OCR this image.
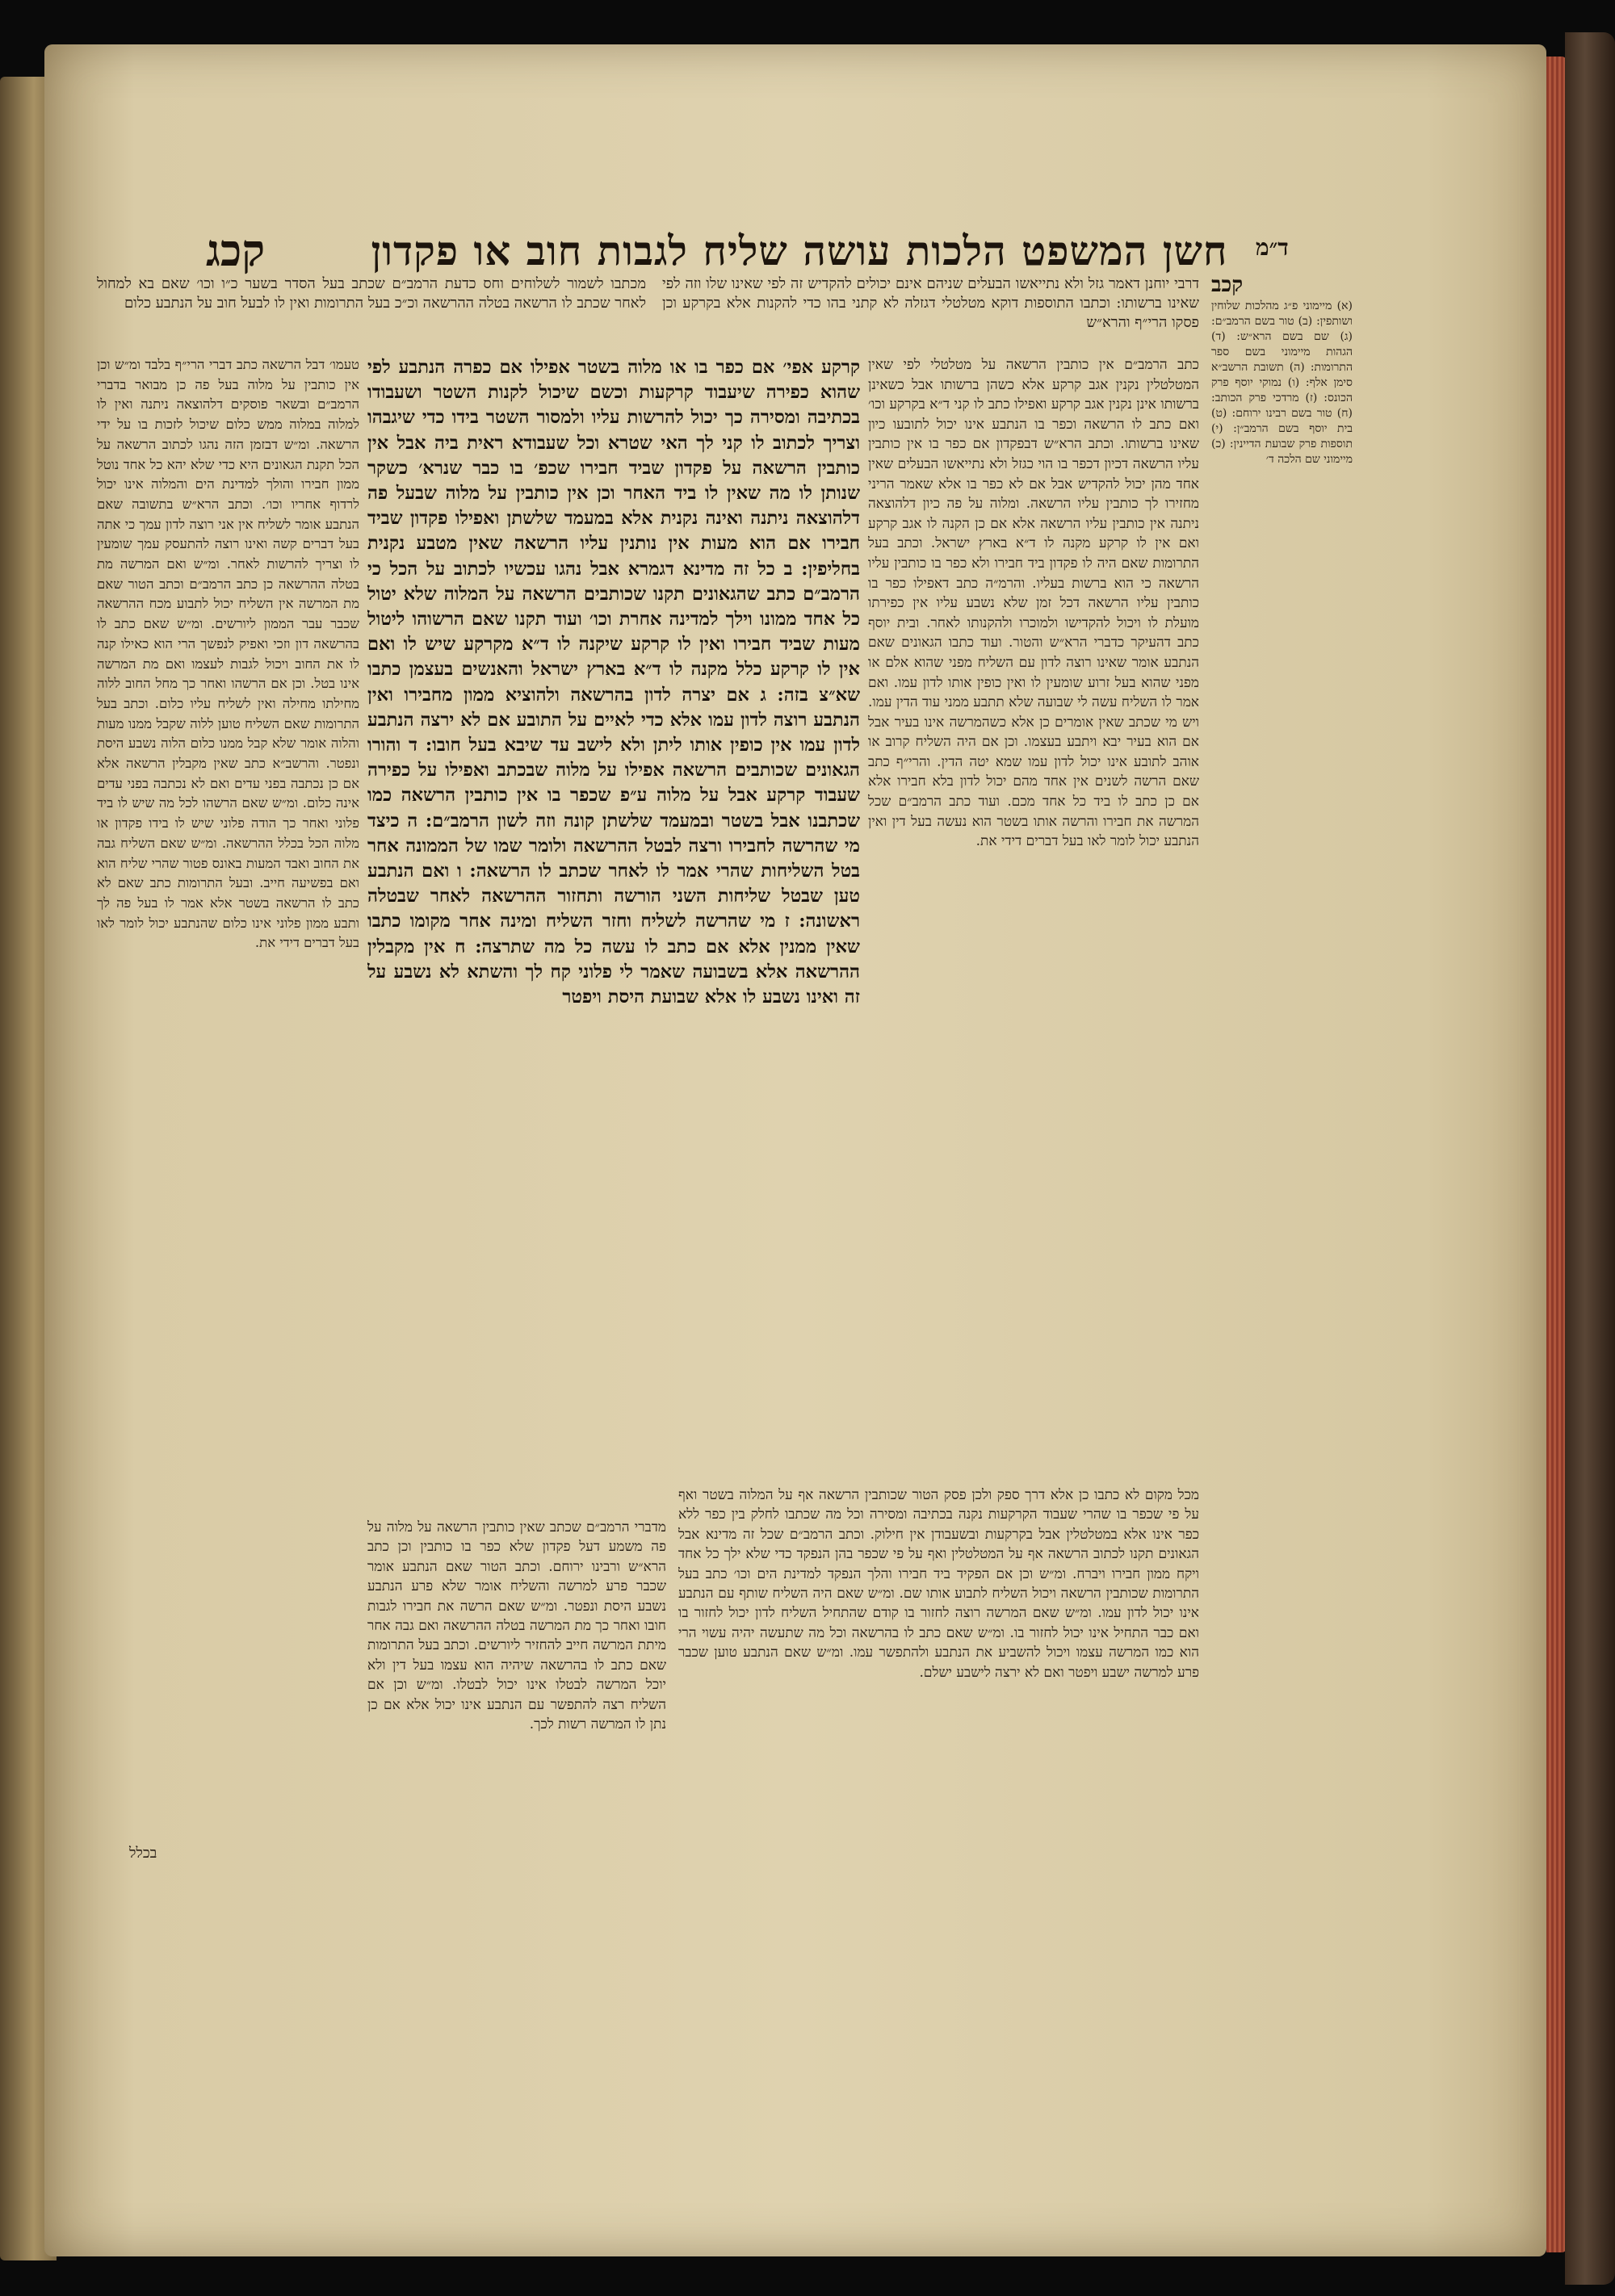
חשן המשפט הלכות עושה שליח לגבות חוב או פקדון
קכג	ד״מ
קכב

(א) מיימוני פ״ג מהלכות שלוחין ושותפין: (ב) טור בשם הרמב״ם: (ג) שם בשם הרא״ש: (ד) הגהות מיימוני בשם ספר התרומות: (ה) תשובת הרשב״א סימן אלף: (ו) נמוקי יוסף פרק הכונס: (ז) מרדכי פרק הכותב: (ח) טור בשם רבינו ירוחם: (ט) בית יוסף בשם הרמב״ן: (י) תוספות פרק שבועת הדיינין: (כ) מיימוני שם הלכה ד׳

דרבי יוחנן דאמר גזל ולא נתייאשו הבעלים שניהם אינם יכולים להקדיש זה לפי שאינו שלו וזה לפי שאינו ברשותו: וכתבו התוספות דוקא מטלטלי דגזלה לא קתני בהו כדי להקנות אלא בקרקע וכן פסקו הרי״ף והרא״ש

כתב הרמב״ם אין כותבין הרשאה על מטלטלי לפי שאין המטלטלין נקנין אגב קרקע אלא כשהן ברשותו אבל כשאינן ברשותו אינן נקנין אגב קרקע ואפילו כתב לו קני ד״א בקרקע וכו׳ ואם כתב לו הרשאה וכפר בו הנתבע אינו יכול לתובעו כיון שאינו ברשותו. וכתב הרא״ש דבפקדון אם כפר בו אין כותבין עליו הרשאה דכיון דכפר בו הוי כגזל ולא נתייאשו הבעלים שאין אחד מהן יכול להקדיש אבל אם לא כפר בו אלא שאמר הריני מחזירו לך כותבין עליו הרשאה. ומלוה על פה כיון דלהוצאה ניתנה אין כותבין עליו הרשאה אלא אם כן הקנה לו אגב קרקע ואם אין לו קרקע מקנה לו ד״א בארץ ישראל. וכתב בעל התרומות שאם היה לו פקדון ביד חבירו ולא כפר בו כותבין עליו הרשאה כי הוא ברשות בעליו. והרמ״ה כתב דאפילו כפר בו כותבין עליו הרשאה דכל זמן שלא נשבע עליו אין כפירתו מועלת לו ויכול להקדישו ולמוכרו ולהקנותו לאחר. ובית יוסף כתב דהעיקר כדברי הרא״ש והטור. ועוד כתבו הגאונים שאם הנתבע אומר שאינו רוצה לדון עם השליח מפני שהוא אלם או מפני שהוא בעל זרוע שומעין לו ואין כופין אותו לדון עמו. ואם אמר לו השליח עשה לי שבועה שלא תתבע ממני עוד הדין עמו. ויש מי שכתב שאין אומרים כן אלא כשהמרשה אינו בעיר אבל אם הוא בעיר יבא ויתבע בעצמו. וכן אם היה השליח קרוב או אוהב לתובע אינו יכול לדון עמו שמא יטה הדין. והרי״ף כתב שאם הרשה לשנים אין אחד מהם יכול לדון בלא חבירו אלא אם כן כתב לו ביד כל אחד מכם. ועוד כתב הרמב״ם שכל המרשה את חבירו והרשה אותו בשטר הוא נעשה בעל דין ואין הנתבע יכול לומר לאו בעל דברים דידי את.

קרקע אפי׳ אם כפר בו או מלוה בשטר אפילו אם כפרה הנתבע לפי שהוא כפירה שיעבוד קרקעות וכשם שיכול לקנות השטר ושעבודו בכתיבה ומסירה כך יכול להרשות עליו ולמסור השטר בידו כדי שיגבהו וצריך לכתוב לו קני לך האי שטרא וכל שעבודא ראית ביה אבל אין כותבין הרשאה על פקדון שביד חבירו שכפ׳ בו כבר שנרא׳ כשקר שנותן לו מה שאין לו ביד האחר וכן אין כותבין על מלוה שבעל פה דלהוצאה ניתנה ואינה נקנית אלא במעמד שלשתן ואפילו פקדון שביד חבירו אם הוא מעות אין נותנין עליו הרשאה שאין מטבע נקנית בחליפין: ב כל זה מדינא דגמרא אבל נהגו עכשיו לכתוב על הכל כי הרמב״ם כתב שהגאונים תקנו שכותבים הרשאה על המלוה שלא יטול כל אחד ממונו וילך למדינה אחרת וכו׳ ועוד תקנו שאם הרשוהו ליטול מעות שביד חבירו ואין לו קרקע שיקנה לו ד״א מקרקע שיש לו ואם אין לו קרקע כלל מקנה לו ד״א בארץ ישראל והאנשים בעצמן כתבו שא״צ בזה: ג אם יצרה לדון בהרשאה ולהוציא ממון מחבירו ואין הנתבע רוצה לדון עמו אלא כדי לאיים על התובע אם לא ירצה הנתבע לדון עמו אין כופין אותו ליתן ולא לישב עד שיבא בעל חובו: ד והורו הגאונים שכותבים הרשאה אפילו על מלוה שבכתב ואפילו על כפירה שעבוד קרקע אבל על מלוה ע״פ שכפר בו אין כותבין הרשאה כמו שכתבנו אבל בשטר ובמעמד שלשתן קונה וזה לשון הרמב״ם: ה כיצד מי שהרשה לחבירו ורצה לבטל ההרשאה ולומר שמו של הממונה אחר בטל השליחות שהרי אמר לו לאחר שכתב לו הרשאה: ו ואם הנתבע טען שבטל שליחות השני הורשה ותחזור ההרשאה לאחר שבטלה ראשונה: ז מי שהרשה לשליח וחזר השליח ומינה אחר מקומו כתבו שאין ממנין אלא אם כתב לו עשה כל מה שתרצה: ח אין מקבלין ההרשאה אלא בשבועה שאמר לי פלוני קח לך והשתא לא נשבע על זה ואינו נשבע לו אלא שבועת היסת ויפטר

מכתבו לשמור לשלוחים וחס כדעת הרמב״ם שכתב בעל הסדר בשער כ״ו וכו׳ שאם בא למחול לאחר שכתב לו הרשאה בטלה ההרשאה וכ״כ בעל התרומות ואין לו לבעל חוב על הנתבע כלום

טעמו׳ דבל הרשאה כתב דברי הרי״ף בלבד ומ״ש וכן אין כותבין על מלוה בעל פה כן מבואר בדברי הרמב״ם ובשאר פוסקים דלהוצאה ניתנה ואין לו למלוה במלוה ממש כלום שיכול לזכות בו על ידי הרשאה. ומ״ש דבזמן הזה נהגו לכתוב הרשאה על הכל תקנת הגאונים היא כדי שלא יהא כל אחד נוטל ממון חבירו והולך למדינת הים והמלוה אינו יכול לרדוף אחריו וכו׳. וכתב הרא״ש בתשובה שאם הנתבע אומר לשליח אין אני רוצה לדון עמך כי אתה בעל דברים קשה ואינו רוצה להתעסק עמך שומעין לו וצריך להרשות לאחר. ומ״ש ואם המרשה מת בטלה ההרשאה כן כתב הרמב״ם וכתב הטור שאם מת המרשה אין השליח יכול לתבוע מכח ההרשאה שכבר עבר הממון ליורשים. ומ״ש שאם כתב לו בהרשאה דון וזכי ואפיק לנפשך הרי הוא כאילו קנה לו את החוב ויכול לגבות לעצמו ואם מת המרשה אינו בטל. וכן אם הרשהו ואחר כך מחל החוב ללוה מחילתו מחילה ואין לשליח עליו כלום. וכתב בעל התרומות שאם השליח טוען ללוה שקבל ממנו מעות והלוה אומר שלא קבל ממנו כלום הלוה נשבע היסת ונפטר. והרשב״א כתב שאין מקבלין הרשאה אלא אם כן נכתבה בפני עדים ואם לא נכתבה בפני עדים אינה כלום. ומ״ש שאם הרשהו לכל מה שיש לו ביד פלוני ואחר כך הודה פלוני שיש לו בידו פקדון או מלוה הכל בכלל ההרשאה. ומ״ש שאם השליח גבה את החוב ואבד המעות באונס פטור שהרי שליח הוא ואם בפשיעה חייב. ובעל התרומות כתב שאם לא כתב לו הרשאה בשטר אלא אמר לו בעל פה לך ותבע ממון פלוני אינו כלום שהנתבע יכול לומר לאו בעל דברים דידי את.

מכל מקום לא כתבו כן אלא דרך ספק ולכן פסק הטור שכותבין הרשאה אף על המלוה בשטר ואף על פי שכפר בו שהרי שעבוד הקרקעות נקנה בכתיבה ומסירה וכל מה שכתבו לחלק בין כפר ללא כפר אינו אלא במטלטלין אבל בקרקעות ובשעבודן אין חילוק. וכתב הרמב״ם שכל זה מדינא אבל הגאונים תקנו לכתוב הרשאה אף על המטלטלין ואף על פי שכפר בהן הנפקד כדי שלא ילך כל אחד ויקח ממון חבירו ויברח. ומ״ש וכן אם הפקיד ביד חבירו והלך הנפקד למדינת הים וכו׳ כתב בעל התרומות שכותבין הרשאה ויכול השליח לתבוע אותו שם. ומ״ש שאם היה השליח שותף עם הנתבע אינו יכול לדון עמו. ומ״ש שאם המרשה רוצה לחזור בו קודם שהתחיל השליח לדון יכול לחזור בו ואם כבר התחיל אינו יכול לחזור בו. ומ״ש שאם כתב לו בהרשאה וכל מה שתעשה יהיה עשוי הרי הוא כמו המרשה עצמו ויכול להשביע את הנתבע ולהתפשר עמו. ומ״ש שאם הנתבע טוען שכבר פרע למרשה ישבע ויפטר ואם לא ירצה לישבע ישלם.

מדברי הרמב״ם שכתב שאין כותבין הרשאה על מלוה על פה משמע דעל פקדון שלא כפר בו כותבין וכן כתב הרא״ש ורבינו ירוחם. וכתב הטור שאם הנתבע אומר שכבר פרע למרשה והשליח אומר שלא פרע הנתבע נשבע היסת ונפטר. ומ״ש שאם הרשה את חבירו לגבות חובו ואחר כך מת המרשה בטלה ההרשאה ואם גבה אחר מיתת המרשה חייב להחזיר ליורשים. וכתב בעל התרומות שאם כתב לו בהרשאה שיהיה הוא עצמו בעל דין ולא יוכל המרשה לבטלו אינו יכול לבטלו. ומ״ש וכן אם השליח רצה להתפשר עם הנתבע אינו יכול אלא אם כן נתן לו המרשה רשות לכך.

בכלל
